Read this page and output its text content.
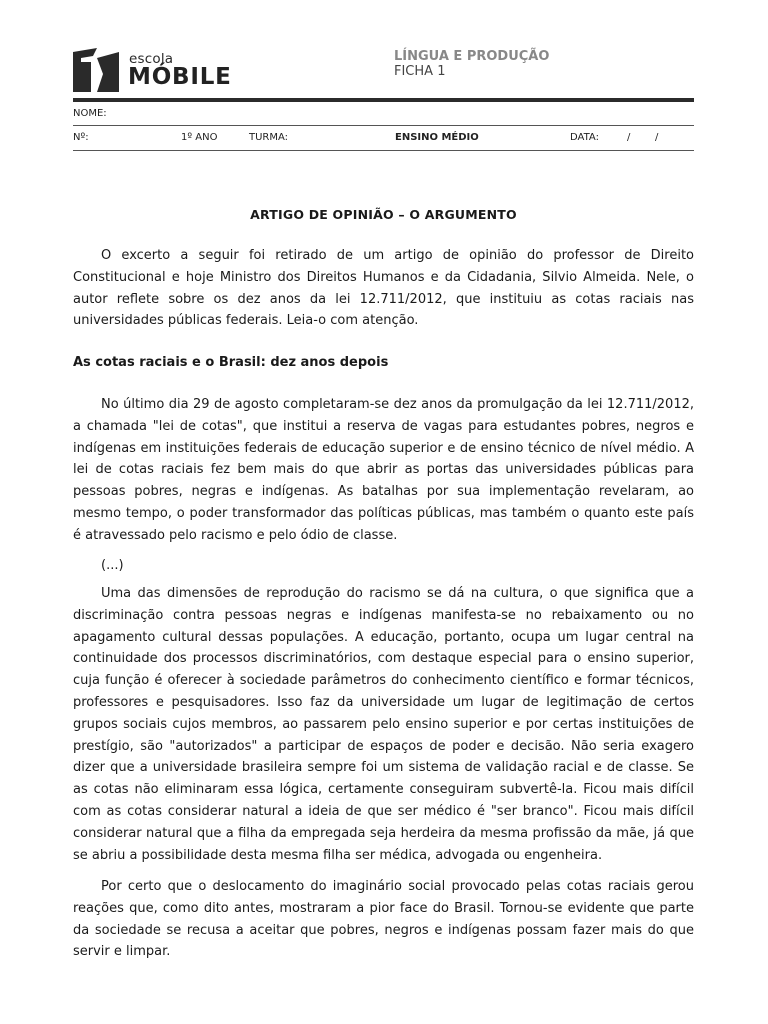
escola
MÓBILE
LÍNGUA E PRODUÇÃO
FICHA 1
NOME:
Nº:	1º ANO	TURMA:	ENSINO MÉDIO	DATA:	/ /
ARTIGO DE OPINIÃO – O ARGUMENTO

O excerto a seguir foi retirado de um artigo de opinião do professor de Direito Constitucional e hoje Ministro dos Direitos Humanos e da Cidadania, Silvio Almeida. Nele, o autor reflete sobre os dez anos da lei 12.711/2012, que instituiu as cotas raciais nas universidades públicas federais. Leia-o com atenção.

As cotas raciais e o Brasil: dez anos depois

No último dia 29 de agosto completaram-se dez anos da promulgação da lei 12.711/2012, a chamada "lei de cotas", que institui a reserva de vagas para estudantes pobres, negros e indígenas em instituições federais de educação superior e de ensino técnico de nível médio. A lei de cotas raciais fez bem mais do que abrir as portas das universidades públicas para pessoas pobres, negras e indígenas. As batalhas por sua implementação revelaram, ao mesmo tempo, o poder transformador das políticas públicas, mas também o quanto este país é atravessado pelo racismo e pelo ódio de classe.

(...)

Uma das dimensões de reprodução do racismo se dá na cultura, o que significa que a discriminação contra pessoas negras e indígenas manifesta-se no rebaixamento ou no apagamento cultural dessas populações. A educação, portanto, ocupa um lugar central na continuidade dos processos discriminatórios, com destaque especial para o ensino superior, cuja função é oferecer à sociedade parâmetros do conhecimento científico e formar técnicos, professores e pesquisadores. Isso faz da universidade um lugar de legitimação de certos grupos sociais cujos membros, ao passarem pelo ensino superior e por certas instituições de prestígio, são "autorizados" a participar de espaços de poder e decisão. Não seria exagero dizer que a universidade brasileira sempre foi um sistema de validação racial e de classe. Se as cotas não eliminaram essa lógica, certamente conseguiram subvertê-la. Ficou mais difícil com as cotas considerar natural a ideia de que ser médico é "ser branco". Ficou mais difícil considerar natural que a filha da empregada seja herdeira da mesma profissão da mãe, já que se abriu a possibilidade desta mesma filha ser médica, advogada ou engenheira.

Por certo que o deslocamento do imaginário social provocado pelas cotas raciais gerou reações que, como dito antes, mostraram a pior face do Brasil. Tornou-se evidente que parte da sociedade se recusa a aceitar que pobres, negros e indígenas possam fazer mais do que servir e limpar.
